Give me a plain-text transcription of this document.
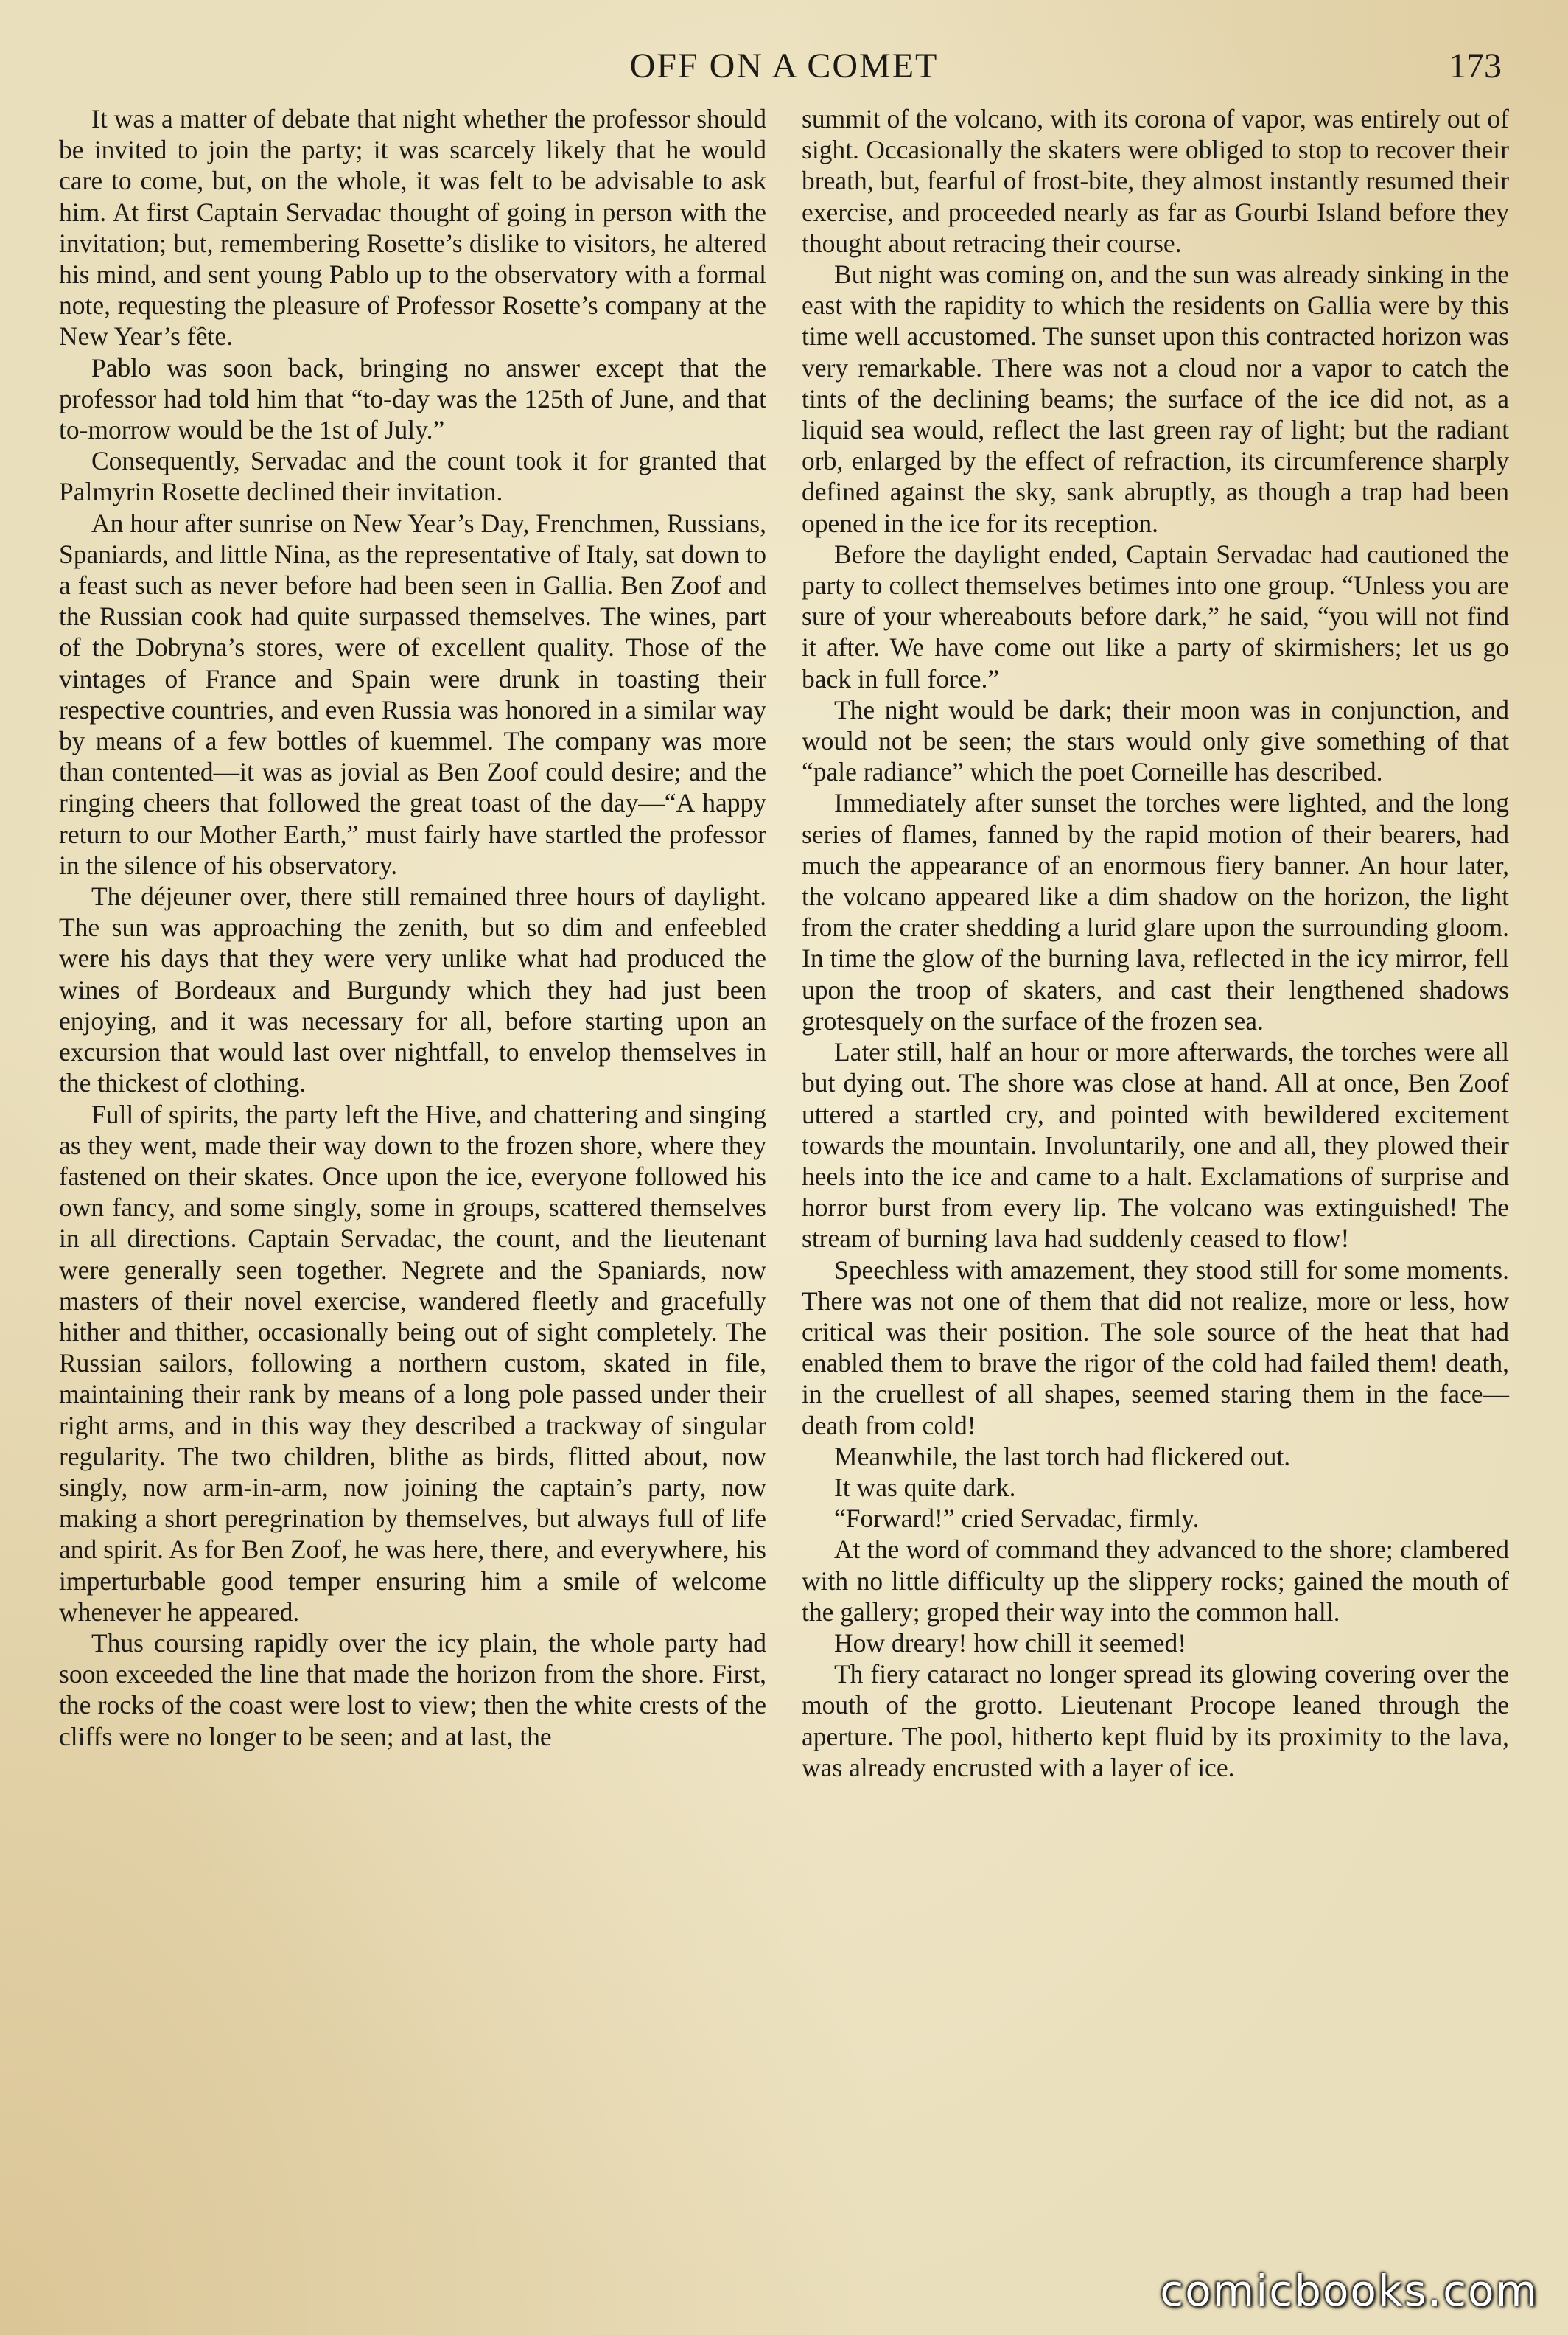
OFF ON A COMET	173

It was a matter of debate that night whether the professor should be invited to join the party; it was scarcely likely that he would care to come, but, on the whole, it was felt to be advisable to ask him. At first Captain Servadac thought of going in person with the invitation; but, remembering Rosette’s dislike to visitors, he altered his mind, and sent young Pablo up to the observatory with a formal note, requesting the pleasure of Professor Rosette’s company at the New Year’s fête.

Pablo was soon back, bringing no answer except that the professor had told him that “to-day was the 125th of June, and that to-morrow would be the 1st of July.”

Consequently, Servadac and the count took it for granted that Palmyrin Rosette declined their invitation.

An hour after sunrise on New Year’s Day, Frenchmen, Russians, Spaniards, and little Nina, as the representative of Italy, sat down to a feast such as never before had been seen in Gallia. Ben Zoof and the Russian cook had quite surpassed themselves. The wines, part of the Dobryna’s stores, were of excellent quality. Those of the vintages of France and Spain were drunk in toasting their respective countries, and even Russia was honored in a similar way by means of a few bottles of kuemmel. The company was more than contented—it was as jovial as Ben Zoof could desire; and the ringing cheers that followed the great toast of the day—“A happy return to our Mother Earth,” must fairly have startled the professor in the silence of his observatory.

The déjeuner over, there still remained three hours of daylight. The sun was approaching the zenith, but so dim and enfeebled were his days that they were very unlike what had produced the wines of Bordeaux and Burgundy which they had just been enjoying, and it was necessary for all, before starting upon an excursion that would last over nightfall, to envelop themselves in the thickest of clothing.

Full of spirits, the party left the Hive, and chattering and singing as they went, made their way down to the frozen shore, where they fastened on their skates. Once upon the ice, everyone followed his own fancy, and some singly, some in groups, scattered themselves in all directions. Captain Servadac, the count, and the lieutenant were generally seen together. Negrete and the Spaniards, now masters of their novel exercise, wandered fleetly and gracefully hither and thither, occasionally being out of sight completely. The Russian sailors, following a northern custom, skated in file, maintaining their rank by means of a long pole passed under their right arms, and in this way they described a trackway of singular regularity. The two children, blithe as birds, flitted about, now singly, now arm-in-arm, now joining the captain’s party, now making a short peregrination by themselves, but always full of life and spirit. As for Ben Zoof, he was here, there, and everywhere, his imperturbable good temper ensuring him a smile of welcome whenever he appeared.

Thus coursing rapidly over the icy plain, the whole party had soon exceeded the line that made the horizon from the shore. First, the rocks of the coast were lost to view; then the white crests of the cliffs were no longer to be seen; and at last, the

summit of the volcano, with its corona of vapor, was entirely out of sight. Occasionally the skaters were obliged to stop to recover their breath, but, fearful of frost-bite, they almost instantly resumed their exercise, and proceeded nearly as far as Gourbi Island before they thought about retracing their course.

But night was coming on, and the sun was already sinking in the east with the rapidity to which the residents on Gallia were by this time well accustomed. The sunset upon this contracted horizon was very remarkable. There was not a cloud nor a vapor to catch the tints of the declining beams; the surface of the ice did not, as a liquid sea would, reflect the last green ray of light; but the radiant orb, enlarged by the effect of refraction, its circumference sharply defined against the sky, sank abruptly, as though a trap had been opened in the ice for its reception.

Before the daylight ended, Captain Servadac had cautioned the party to collect themselves betimes into one group. “Unless you are sure of your whereabouts before dark,” he said, “you will not find it after. We have come out like a party of skirmishers; let us go back in full force.”

The night would be dark; their moon was in conjunction, and would not be seen; the stars would only give something of that “pale radiance” which the poet Corneille has described.

Immediately after sunset the torches were lighted, and the long series of flames, fanned by the rapid motion of their bearers, had much the appearance of an enormous fiery banner. An hour later, the volcano appeared like a dim shadow on the horizon, the light from the crater shedding a lurid glare upon the surrounding gloom. In time the glow of the burning lava, reflected in the icy mirror, fell upon the troop of skaters, and cast their lengthened shadows grotesquely on the surface of the frozen sea.

Later still, half an hour or more afterwards, the torches were all but dying out. The shore was close at hand. All at once, Ben Zoof uttered a startled cry, and pointed with bewildered excitement towards the mountain. Involuntarily, one and all, they plowed their heels into the ice and came to a halt. Exclamations of surprise and horror burst from every lip. The volcano was extinguished! The stream of burning lava had suddenly ceased to flow!

Speechless with amazement, they stood still for some moments. There was not one of them that did not realize, more or less, how critical was their position. The sole source of the heat that had enabled them to brave the rigor of the cold had failed them! death, in the cruellest of all shapes, seemed staring them in the face—death from cold!

Meanwhile, the last torch had flickered out.

It was quite dark.

“Forward!” cried Servadac, firmly.

At the word of command they advanced to the shore; clambered with no little difficulty up the slippery rocks; gained the mouth of the gallery; groped their way into the common hall.

How dreary! how chill it seemed!

Th fiery cataract no longer spread its glowing covering over the mouth of the grotto. Lieutenant Procope leaned through the aperture. The pool, hitherto kept fluid by its proximity to the lava, was already encrusted with a layer of ice.

comicbooks.com
